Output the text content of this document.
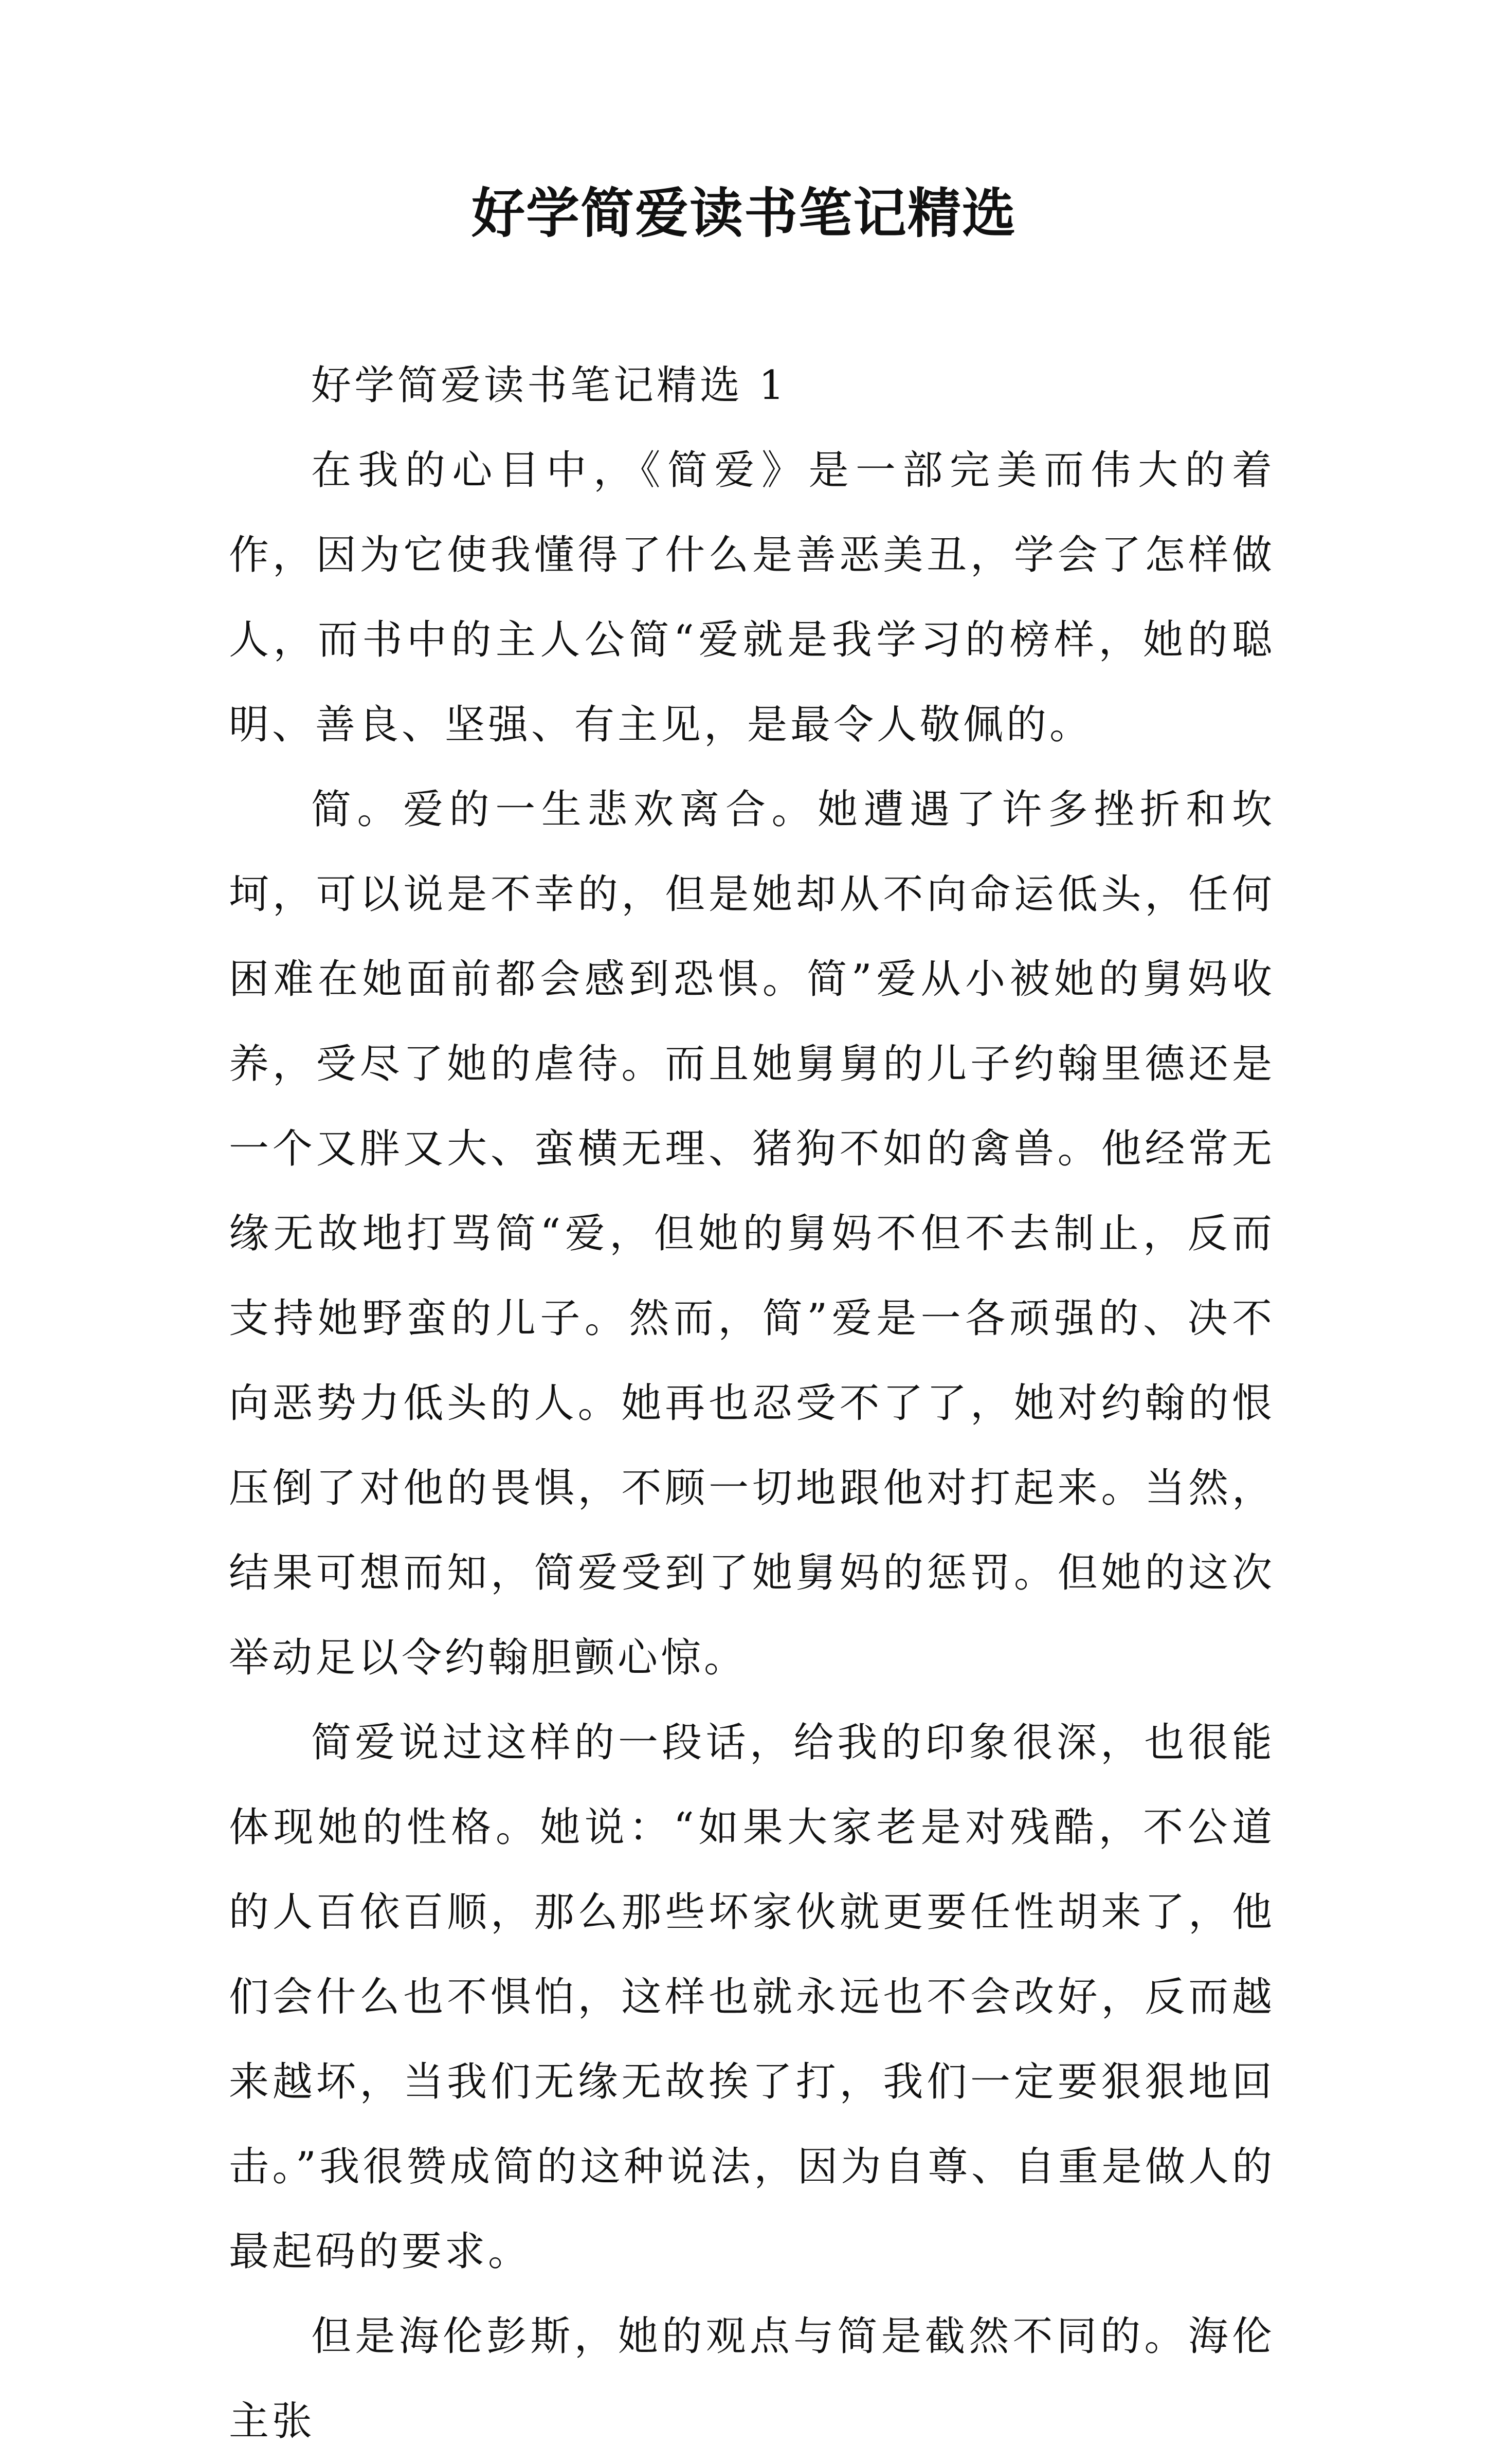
好学简爱读书笔记精选

好学简爱读书笔记精选 1

在我的心目中，《简爱》是一部完美而伟大的着作，因为它使我懂得了什么是善恶美丑，学会了怎样做人，而书中的主人公简“爱就是我学习的榜样，她的聪明、善良、坚强、有主见，是最令人敬佩的。

简。爱的一生悲欢离合。她遭遇了许多挫折和坎坷，可以说是不幸的，但是她却从不向命运低头，任何困难在她面前都会感到恐惧。简”爱从小被她的舅妈收养，受尽了她的虐待。而且她舅舅的儿子约翰里德还是一个又胖又大、蛮横无理、猪狗不如的禽兽。他经常无缘无故地打骂简“爱，但她的舅妈不但不去制止，反而支持她野蛮的儿子。然而，简”爱是一各顽强的、决不向恶势力低头的人。她再也忍受不了了，她对约翰的恨压倒了对他的畏惧，不顾一切地跟他对打起来。当然，结果可想而知，简爱受到了她舅妈的惩罚。但她的这次举动足以令约翰胆颤心惊。

简爱说过这样的一段话，给我的印象很深，也很能体现她的性格。她说：“如果大家老是对残酷，不公道的人百依百顺，那么那些坏家伙就更要任性胡来了，他们会什么也不惧怕，这样也就永远也不会改好，反而越来越坏，当我们无缘无故挨了打，我们一定要狠狠地回击。”我很赞成简的这种说法，因为自尊、自重是做人的最起码的要求。

但是海伦彭斯，她的观点与简是截然不同的。海伦主张
